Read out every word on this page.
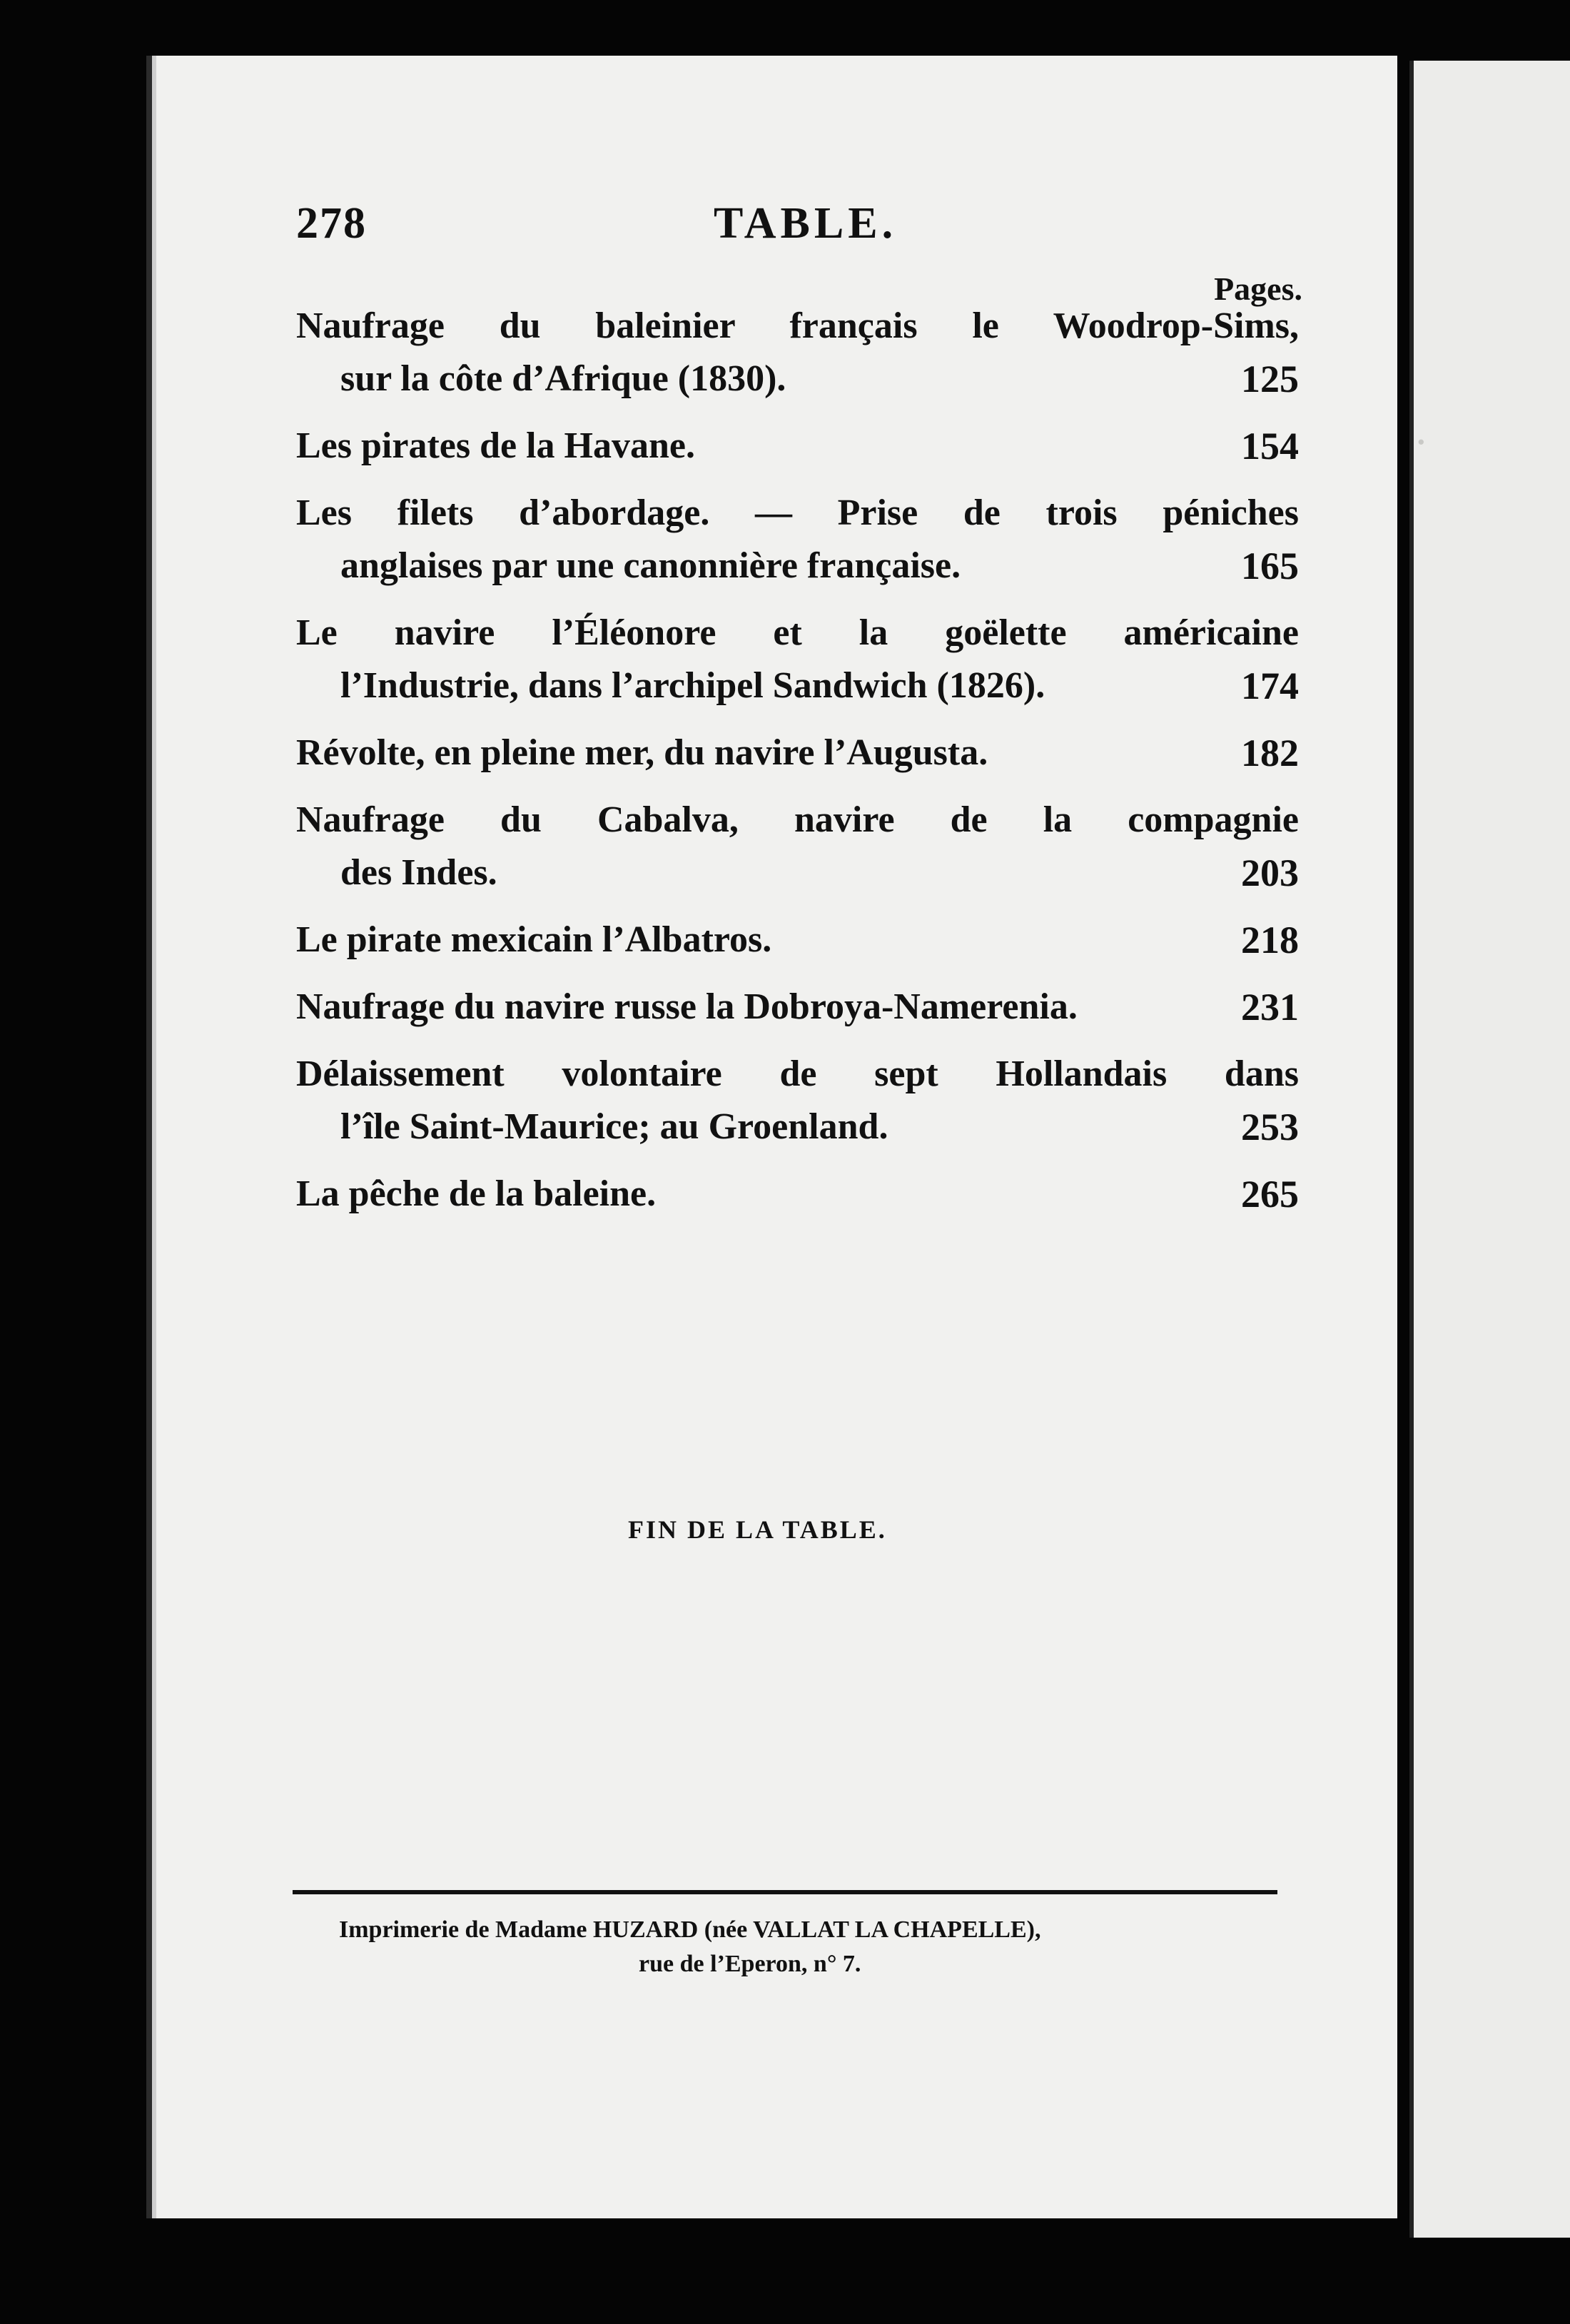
·
278	TABLE.
Pages.
Naufrage du baleinier français le Woodrop-Sims,
sur la côte d’Afrique (1830).	125
Les pirates de la Havane.	154
Les filets d’abordage. — Prise de trois péniches
anglaises par une canonnière française.	165
Le navire l’Éléonore et la goëlette américaine
l’Industrie, dans l’archipel Sandwich (1826).	174
Révolte, en pleine mer, du navire l’Augusta.	182
Naufrage du Cabalva, navire de la compagnie
des Indes.	203
Le pirate mexicain l’Albatros.	218
Naufrage du navire russe la Dobroya-Namerenia.	231
Délaissement volontaire de sept Hollandais dans
l’île Saint-Maurice; au Groenland.	253
La pêche de la baleine.	265
FIN DE LA TABLE.
Imprimerie de Madame HUZARD (née VALLAT LA CHAPELLE),
rue de l’Eperon, n° 7.
